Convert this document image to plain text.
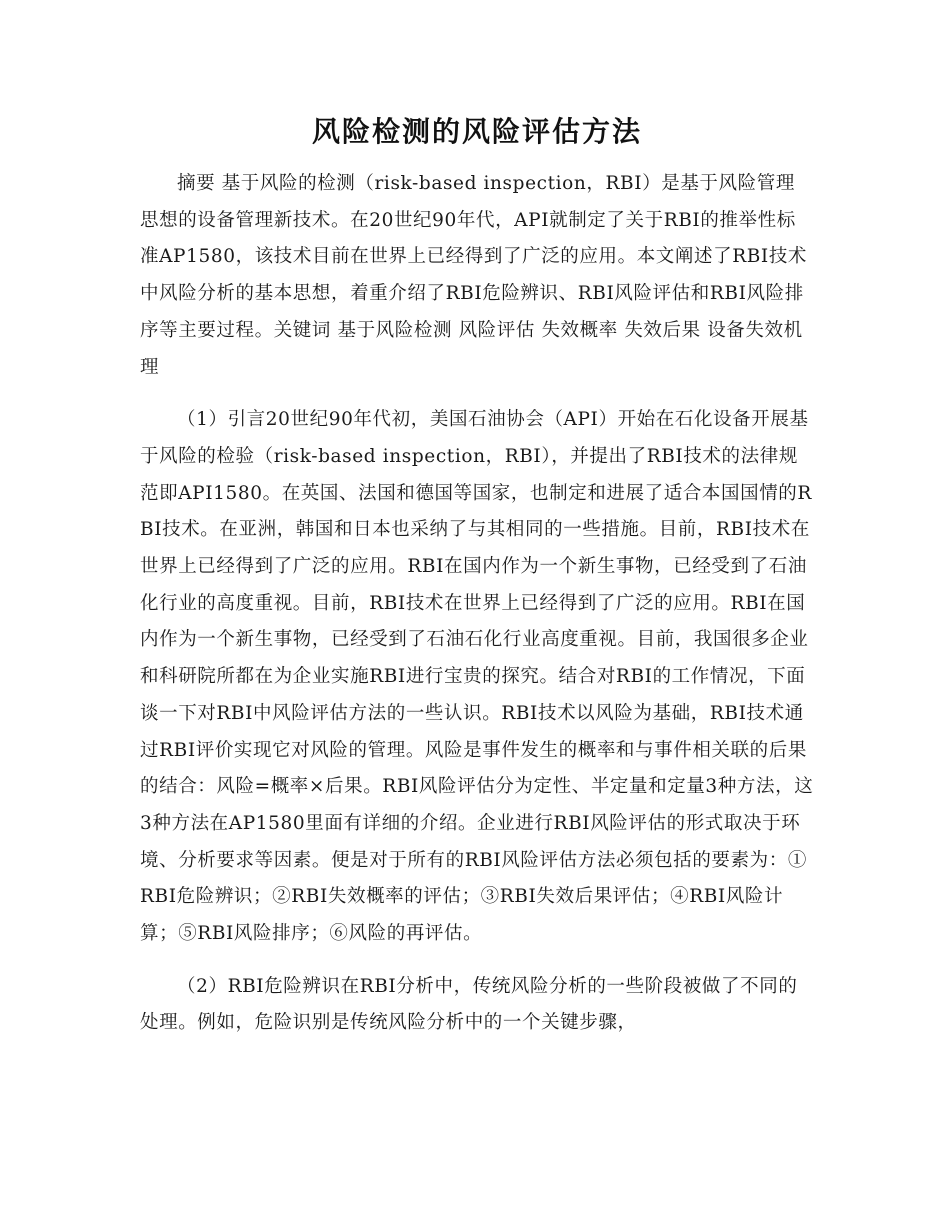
风险检测的风险评估方法

摘要 基于风险的检测（risk-based inspection，RBI）是基于风险管理思想的设备管理新技术。在20世纪90年代，API就制定了关于RBI的推举性标准AP1580，该技术目前在世界上已经得到了广泛的应用。本文阐述了RBI技术中风险分析的基本思想，着重介绍了RBI危险辨识、RBI风险评估和RBI风险排序等主要过程。关键词 基于风险检测 风险评估 失效概率 失效后果 设备失效机理

（1）引言20世纪90年代初，美国石油协会（API）开始在石化设备开展基于风险的检验（risk-based inspection，RBI），并提出了RBI技术的法律规范即API1580。在英国、法国和德国等国家，也制定和进展了适合本国国情的RBI技术。在亚洲，韩国和日本也采纳了与其相同的一些措施。目前，RBI技术在世界上已经得到了广泛的应用。RBI在国内作为一个新生事物，已经受到了石油化行业的高度重视。目前，RBI技术在世界上已经得到了广泛的应用。RBI在国内作为一个新生事物，已经受到了石油石化行业高度重视。目前，我国很多企业和科研院所都在为企业实施RBI进行宝贵的探究。结合对RBI的工作情况，下面谈一下对RBI中风险评估方法的一些认识。RBI技术以风险为基础，RBI技术通过RBI评价实现它对风险的管理。风险是事件发生的概率和与事件相关联的后果的结合：风险=概率×后果。RBI风险评估分为定性、半定量和定量3种方法，这3种方法在AP1580里面有详细的介绍。企业进行RBI风险评估的形式取决于环境、分析要求等因素。便是对于所有的RBI风险评估方法必须包括的要素为：①RBI危险辨识；②RBI失效概率的评估；③RBI失效后果评估；④RBI风险计算；⑤RBI风险排序；⑥风险的再评估。

（2）RBI危险辨识在RBI分析中，传统风险分析的一些阶段被做了不同的处理。例如，危险识别是传统风险分析中的一个关键步骤，
